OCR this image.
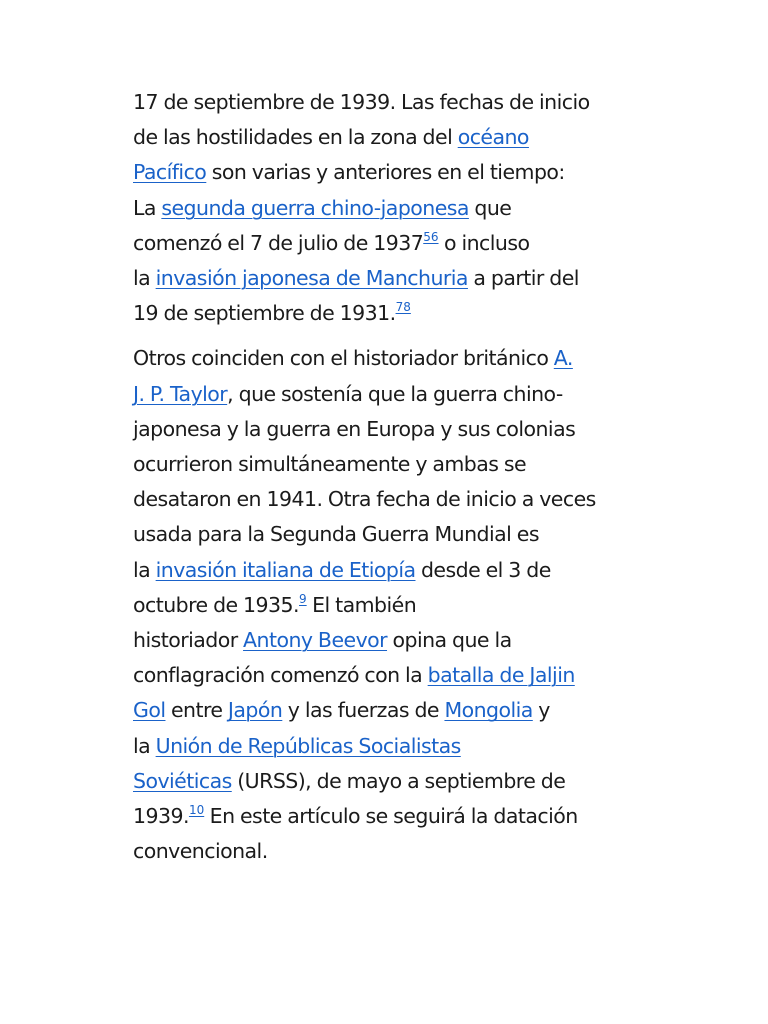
17 de septiembre de 1939. Las fechas de inicio
de las hostilidades en la zona del océano
Pacífico son varias y anteriores en el tiempo:
La segunda guerra chino-japonesa que
comenzó el 7 de julio de 1937$^{56}$ o incluso
la invasión japonesa de Manchuria a partir del
19 de septiembre de 1931.78

Otros coinciden con el historiador británico A.
J. P. Taylor, que sostenía que la guerra chino-
japonesa y la guerra en Europa y sus colonias
ocurrieron simultáneamente y ambas se
desataron en 1941. Otra fecha de inicio a veces
usada para la Segunda Guerra Mundial es
la invasión italiana de Etiopía desde el 3 de
octubre de 1935.$^9$ El también
historiador Antony Beevor opina que la
conflagración comenzó con la batalla de Jaljin
Gol entre Japón y las fuerzas de Mongolia y
la Unión de Repúblicas Socialistas
Soviéticas (URSS), de mayo a septiembre de
1939.10 En este artículo se seguirá la datación
convencional.
